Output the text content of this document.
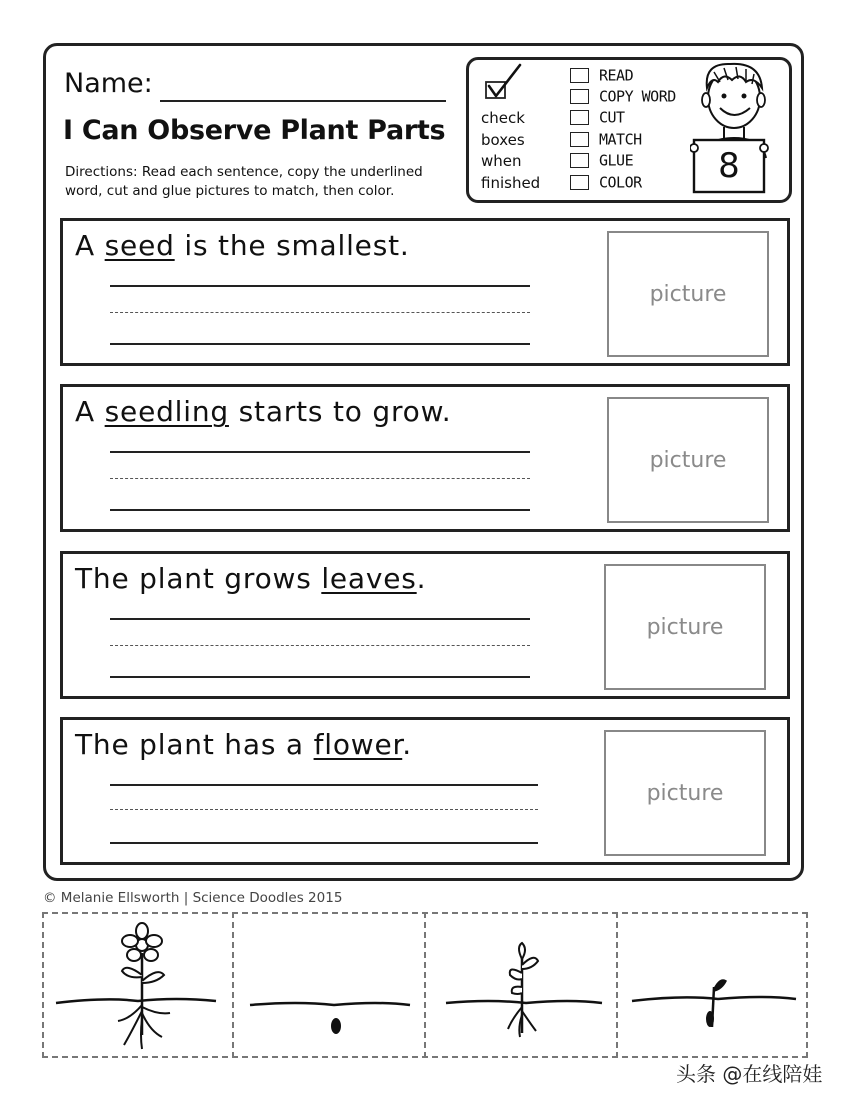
Name:
I Can Observe Plant Parts
Directions: Read each sentence, copy the underlined word, cut and glue pictures to match, then color.
check
boxes
when
finished
READ
COPY WORD
CUT
MATCH
GLUE
COLOR	8
A seed is the smallest.
picture
A seedling starts to grow.
picture
The plant grows leaves.
picture
The plant has a flower.
picture
© Melanie Ellsworth | Science Doodles 2015
头条 @在线陪娃
